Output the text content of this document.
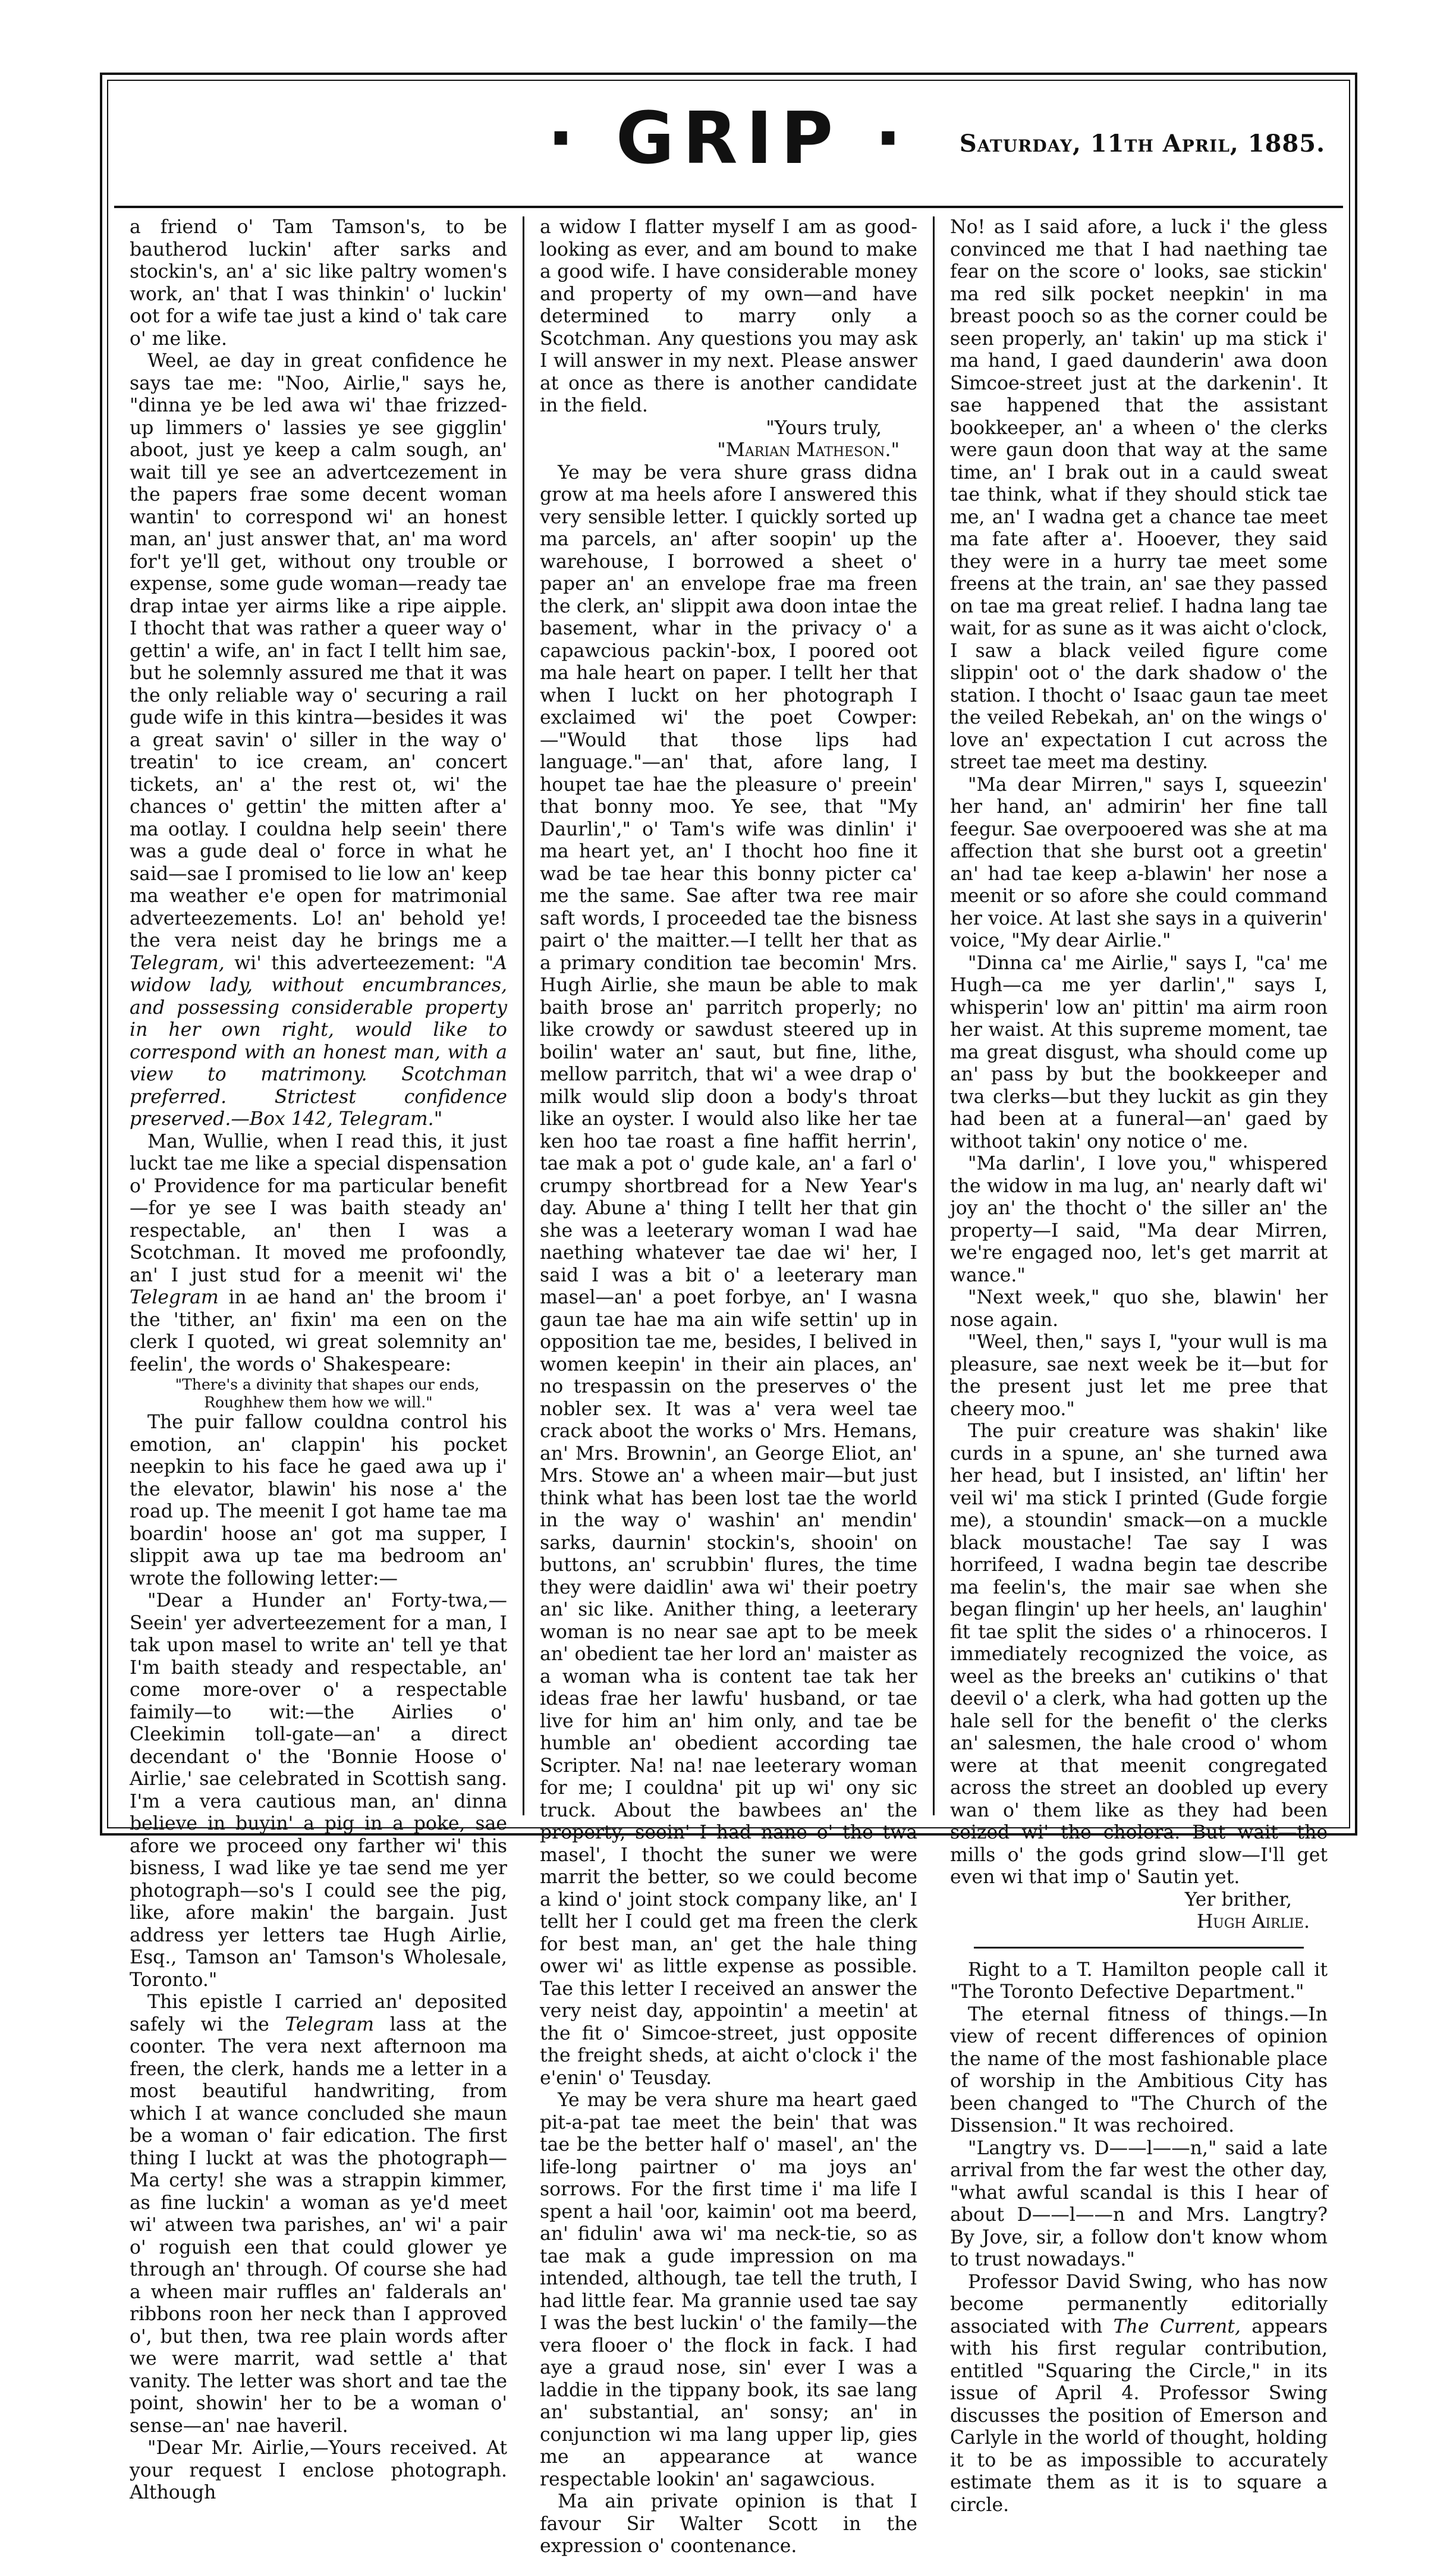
· GRIP ·	Saturday, 11th April, 1885.

a friend o' Tam Tamson's, to be bautherod luckin' after sarks and stockin's, an' a' sic like paltry women's work, an' that I was thinkin' o' luckin' oot for a wife tae just a kind o' tak care o' me like.

Weel, ae day in great confidence he says tae me: "Noo, Airlie," says he, "dinna ye be led awa wi' thae frizzed-up limmers o' lassies ye see gigglin' aboot, just ye keep a calm sough, an' wait till ye see an advertcezement in the papers frae some decent woman wantin' to correspond wi' an honest man, an' just answer that, an' ma word for't ye'll get, without ony trouble or expense, some gude woman—ready tae drap intae yer airms like a ripe aipple. I thocht that was rather a queer way o' gettin' a wife, an' in fact I tellt him sae, but he solemnly assured me that it was the only reliable way o' securing a rail gude wife in this kintra—besides it was a great savin' o' siller in the way o' treatin' to ice cream, an' concert tickets, an' a' the rest ot, wi' the chances o' gettin' the mitten after a' ma ootlay. I couldna help seein' there was a gude deal o' force in what he said—sae I promised to lie low an' keep ma weather e'e open for matrimonial adverteezements. Lo! an' behold ye! the vera neist day he brings me a Telegram, wi' this adverteezement: "A widow lady, without encumbrances, and possessing considerable property in her own right, would like to correspond with an honest man, with a view to matrimony. Scotchman preferred. Strictest confidence preserved.—Box 142, Telegram."

Man, Wullie, when I read this, it just luckt tae me like a special dispensation o' Providence for ma particular benefit—for ye see I was baith steady an' respectable, an' then I was a Scotchman. It moved me profoondly, an' I just stud for a meenit wi' the Telegram in ae hand an' the broom i' the 'tither, an' fixin' ma een on the clerk I quoted, wi great solemnity an' feelin', the words o' Shakespeare:

"There's a divinity that shapes our ends, Roughhew them how we will."

The puir fallow couldna control his emotion, an' clappin' his pocket neepkin to his face he gaed awa up i' the elevator, blawin' his nose a' the road up. The meenit I got hame tae ma boardin' hoose an' got ma supper, I slippit awa up tae ma bedroom an' wrote the following letter:—

"Dear a Hunder an' Forty-twa,—Seein' yer adverteezement for a man, I tak upon masel to write an' tell ye that I'm baith steady and respectable, an' come more-over o' a respectable faimily—to wit:—the Airlies o' Cleekimin toll-gate—an' a direct decendant o' the 'Bonnie Hoose o' Airlie,' sae celebrated in Scottish sang. I'm a vera cautious man, an' dinna believe in buyin' a pig in a poke, sae afore we proceed ony farther wi' this bisness, I wad like ye tae send me yer photograph—so's I could see the pig, like, afore makin' the bargain. Just address yer letters tae Hugh Airlie, Esq., Tamson an' Tamson's Wholesale, Toronto."

This epistle I carried an' deposited safely wi the Telegram lass at the coonter. The vera next afternoon ma freen, the clerk, hands me a letter in a most beautiful handwriting, from which I at wance concluded she maun be a woman o' fair edication. The first thing I luckt at was the photograph—Ma certy! she was a strappin kimmer, as fine luckin' a woman as ye'd meet wi' atween twa parishes, an' wi' a pair o' roguish een that could glower ye through an' through. Of course she had a wheen mair ruffles an' falderals an' ribbons roon her neck than I approved o', but then, twa ree plain words after we were marrit, wad settle a' that vanity. The letter was short and tae the point, showin' her to be a woman o' sense—an' nae haveril.

"Dear Mr. Airlie,—Yours received. At your request I enclose photograph. Although

a widow I flatter myself I am as good-looking as ever, and am bound to make a good wife. I have considerable money and property of my own—and have determined to marry only a Scotchman. Any questions you may ask I will answer in my next. Please answer at once as there is another candidate in the field.

"Yours truly,

"Marian Matheson."

Ye may be vera shure grass didna grow at ma heels afore I answered this very sensible letter. I quickly sorted up ma parcels, an' after soopin' up the warehouse, I borrowed a sheet o' paper an' an envelope frae ma freen the clerk, an' slippit awa doon intae the basement, whar in the privacy o' a capawcious packin'-box, I poored oot ma hale heart on paper. I tellt her that when I luckt on her photograph I exclaimed wi' the poet Cowper:—"Would that those lips had language."—an' that, afore lang, I houpet tae hae the pleasure o' preein' that bonny moo. Ye see, that "My Daurlin'," o' Tam's wife was dinlin' i' ma heart yet, an' I thocht hoo fine it wad be tae hear this bonny picter ca' me the same. Sae after twa ree mair saft words, I proceeded tae the bisness pairt o' the maitter.—I tellt her that as a primary condition tae becomin' Mrs. Hugh Airlie, she maun be able to mak baith brose an' parritch properly; no like crowdy or sawdust steered up in boilin' water an' saut, but fine, lithe, mellow parritch, that wi' a wee drap o' milk would slip doon a body's throat like an oyster. I would also like her tae ken hoo tae roast a fine haffit herrin', tae mak a pot o' gude kale, an' a farl o' crumpy shortbread for a New Year's day. Abune a' thing I tellt her that gin she was a leeterary woman I wad hae naething whatever tae dae wi' her, I said I was a bit o' a leeterary man masel—an' a poet forbye, an' I wasna gaun tae hae ma ain wife settin' up in opposition tae me, besides, I belived in women keepin' in their ain places, an' no trespassin on the preserves o' the nobler sex. It was a' vera weel tae crack aboot the works o' Mrs. Hemans, an' Mrs. Brownin', an George Eliot, an' Mrs. Stowe an' a wheen mair—but just think what has been lost tae the world in the way o' washin' an' mendin' sarks, daurnin' stockin's, shooin' on buttons, an' scrubbin' flures, the time they were daidlin' awa wi' their poetry an' sic like. Anither thing, a leeterary woman is no near sae apt to be meek an' obedient tae her lord an' maister as a woman wha is content tae tak her ideas frae her lawfu' husband, or tae live for him an' him only, and tae be humble an' obedient according tae Scripter. Na! na! nae leeterary woman for me; I couldna' pit up wi' ony sic truck. About the bawbees an' the property, seein' I had nane o' the twa masel', I thocht the suner we were marrit the better, so we could become a kind o' joint stock company like, an' I tellt her I could get ma freen the clerk for best man, an' get the hale thing ower wi' as little expense as possible. Tae this letter I received an answer the very neist day, appointin' a meetin' at the fit o' Simcoe-street, just opposite the freight sheds, at aicht o'clock i' the e'enin' o' Teusday.

Ye may be vera shure ma heart gaed pit-a-pat tae meet the bein' that was tae be the better half o' masel', an' the life-long pairtner o' ma joys an' sorrows. For the first time i' ma life I spent a hail 'oor, kaimin' oot ma beerd, an' fidulin' awa wi' ma neck-tie, so as tae mak a gude impression on ma intended, although, tae tell the truth, I had little fear. Ma grannie used tae say I was the best luckin' o' the family—the vera flooer o' the flock in fack. I had aye a graud nose, sin' ever I was a laddie in the tippany book, its sae lang an' substantial, an' sonsy; an' in conjunction wi ma lang upper lip, gies me an appearance at wance respectable lookin' an' sagawcious.

Ma ain private opinion is that I favour Sir Walter Scott in the expression o' coontenance.

No! as I said afore, a luck i' the gless convinced me that I had naething tae fear on the score o' looks, sae stickin' ma red silk pocket neepkin' in ma breast pooch so as the corner could be seen properly, an' takin' up ma stick i' ma hand, I gaed daunderin' awa doon Simcoe-street just at the darkenin'. It sae happened that the assistant bookkeeper, an' a wheen o' the clerks were gaun doon that way at the same time, an' I brak out in a cauld sweat tae think, what if they should stick tae me, an' I wadna get a chance tae meet ma fate after a'. Hooever, they said they were in a hurry tae meet some freens at the train, an' sae they passed on tae ma great relief. I hadna lang tae wait, for as sune as it was aicht o'clock, I saw a black veiled figure come slippin' oot o' the dark shadow o' the station. I thocht o' Isaac gaun tae meet the veiled Rebekah, an' on the wings o' love an' expectation I cut across the street tae meet ma destiny.

"Ma dear Mirren," says I, squeezin' her hand, an' admirin' her fine tall feegur. Sae overpooered was she at ma affection that she burst oot a greetin' an' had tae keep a-blawin' her nose a meenit or so afore she could command her voice. At last she says in a quiverin' voice, "My dear Airlie."

"Dinna ca' me Airlie," says I, "ca' me Hugh—ca me yer darlin'," says I, whisperin' low an' pittin' ma airm roon her waist. At this supreme moment, tae ma great disgust, wha should come up an' pass by but the bookkeeper and twa clerks—but they luckit as gin they had been at a funeral—an' gaed by withoot takin' ony notice o' me.

"Ma darlin', I love you," whispered the widow in ma lug, an' nearly daft wi' joy an' the thocht o' the siller an' the property—I said, "Ma dear Mirren, we're engaged noo, let's get marrit at wance."

"Next week," quo she, blawin' her nose again.

"Weel, then," says I, "your wull is ma pleasure, sae next week be it—but for the present just let me pree that cheery moo."

The puir creature was shakin' like curds in a spune, an' she turned awa her head, but I insisted, an' liftin' her veil wi' ma stick I printed (Gude forgie me), a stoundin' smack—on a muckle black moustache! Tae say I was horrifeed, I wadna begin tae describe ma feelin's, the mair sae when she began flingin' up her heels, an' laughin' fit tae split the sides o' a rhinoceros. I immediately recognized the voice, as weel as the breeks an' cutikins o' that deevil o' a clerk, wha had gotten up the hale sell for the benefit o' the clerks an' salesmen, the hale crood o' whom were at that meenit congregated across the street an doobled up every wan o' them like as they had been seized wi' the cholera. But wait—the mills o' the gods grind slow—I'll get even wi that imp o' Sautin yet.

Yer brither,

Hugh Airlie.

Right to a T. Hamilton people call it "The Toronto Defective Department."

The eternal fitness of things.—In view of recent differences of opinion the name of the most fashionable place of worship in the Ambitious City has been changed to "The Church of the Dissension." It was rechoired.

"Langtry vs. D——l——n," said a late arrival from the far west the other day, "what awful scandal is this I hear of about D——l——n and Mrs. Langtry? By Jove, sir, a follow don't know whom to trust nowadays."

Professor David Swing, who has now become permanently editorially associated with The Current, appears with his first regular contribution, entitled "Squaring the Circle," in its issue of April 4. Professor Swing discusses the position of Emerson and Carlyle in the world of thought, holding it to be as impossible to accurately estimate them as it is to square a circle.
